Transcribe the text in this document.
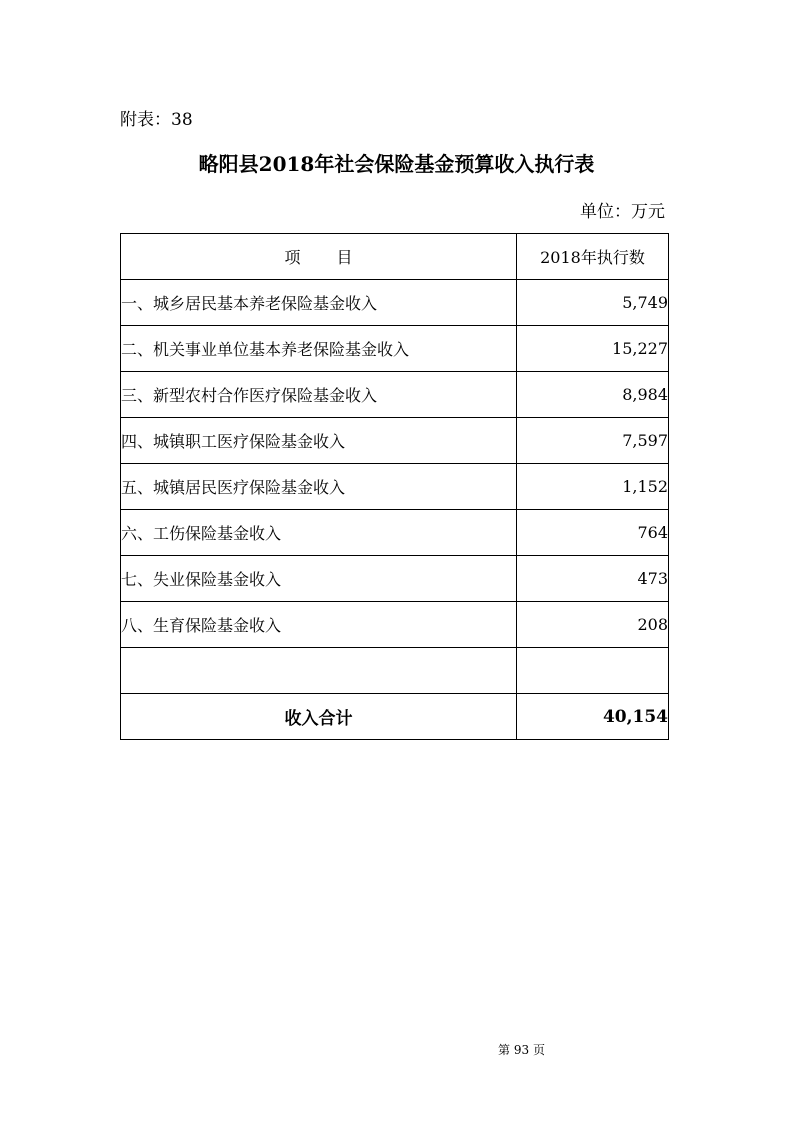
附表：38
略阳县2018年社会保险基金预算收入执行表
单位：万元
项 目	2018年执行数
一、城乡居民基本养老保险基金收入	5,749
二、机关事业单位基本养老保险基金收入	15,227
三、新型农村合作医疗保险基金收入	8,984
四、城镇职工医疗保险基金收入	7,597
五、城镇居民医疗保险基金收入	1,152
六、工伤保险基金收入	764
七、失业保险基金收入	473
八、生育保险基金收入	208

收入合计	40,154
第 93 页
